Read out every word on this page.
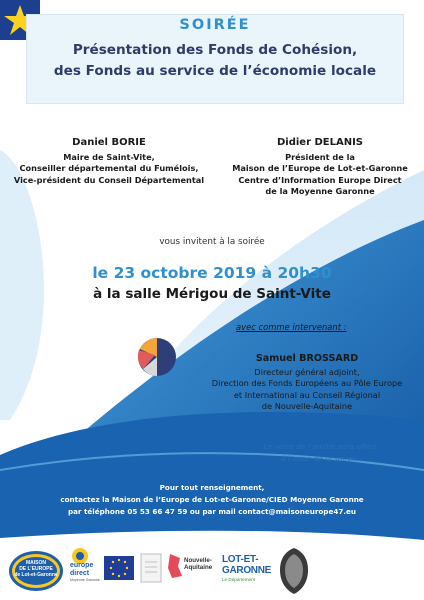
SOIRÉE
Présentation des Fonds de Cohésion,
des Fonds au service de l’économie locale
Daniel BORIE
Maire de Saint-Vite,
Conseiller départemental du Fumélois,
Vice-président du Conseil Départemental
Didier DELANIS
Président de la
Maison de l’Europe de Lot-et-Garonne
Centre d’Information Europe Direct
de la Moyenne Garonne
vous invitent à la soirée
le 23 octobre 2019 à 20h30
à la salle Mérigou de Saint-Vite
avec comme intervenant :
Samuel BROSSARD
Directeur général adjoint,
Direction des Fonds Européens au Pôle Europe
et International au Conseil Régional
de Nouvelle-Aquitaine
Le verre de l’amitié sera offert
à l’issue de la soirée.
Pour tout renseignement,
contactez la Maison de l’Europe de Lot-et-Garonne/CIED Moyenne Garonne
par téléphone 05 53 66 47 59 ou par mail contact@maisoneurope47.eu
MAISON
DE L’EUROPE
de Lot-et-Garonne
europe
direct
Moyenne Garonne
Nouvelle-
Aquitaine
LOT-ET-GARONNE
Le Département
